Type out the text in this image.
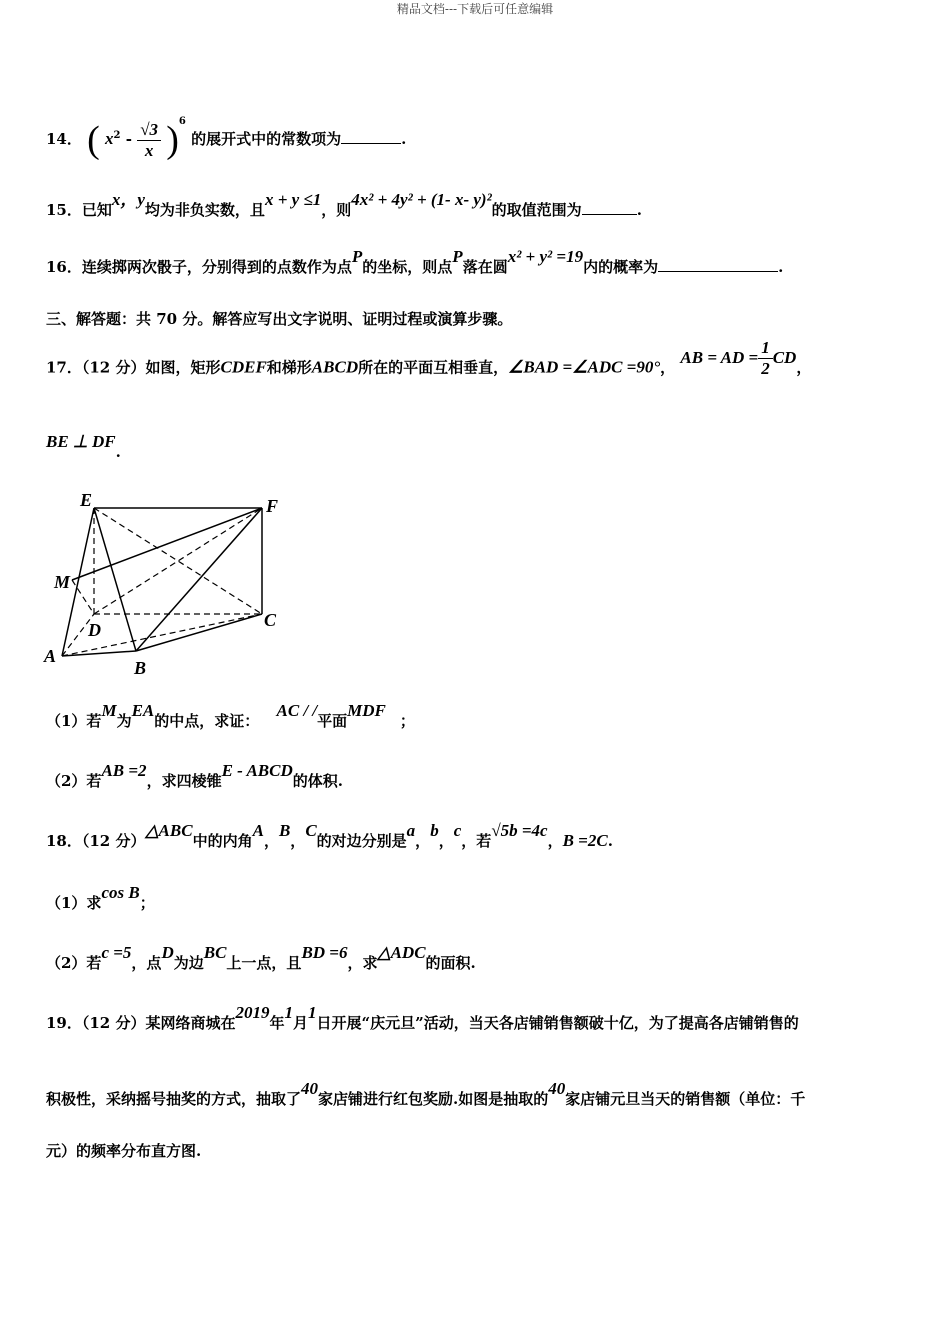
精品文档---下载后可任意编辑
14． ( $x^2 - \frac{√3}{x} )^6$ 的展开式中的常数项为	.
15．已知x，y均为非负实数，且x + y ≤1，则4x² + 4y² + (1- x- y)²的取值范围为	.
16．连续掷两次骰子，分别得到的点数作为点P的坐标，则点P落在圆x² + y² =19内的概率为	.
三、解答题：共 70 分。解答应写出文字说明、证明过程或演算步骤。
17．（12 分）如图，矩形CDEF和梯形ABCD所在的平面互相垂直，∠BAD =∠ADC =90°， AB = AD = $\frac{1}{2}$ CD，
BE ⊥ DF.
E	F
M
D	C
A
B
（1）若M为EA的中点，求证： AC / /平面MDF；
（2）若AB =2，求四棱锥E - ABCD的体积.
18．（12 分）△ABC中的内角A，B，C的对边分别是a，b，c，若√5b =4c，B =2C.
（1）求cos B；
（2）若c =5，点D为边BC上一点，且BD =6，求△ADC的面积.
19．（12 分）某网络商城在2019年1月1日开展“庆元旦”活动，当天各店铺销售额破十亿，为了提高各店铺销售的
积极性，采纳摇号抽奖的方式，抽取了40家店铺进行红包奖励.如图是抽取的40家店铺元旦当天的销售额（单位：千
元）的频率分布直方图.
